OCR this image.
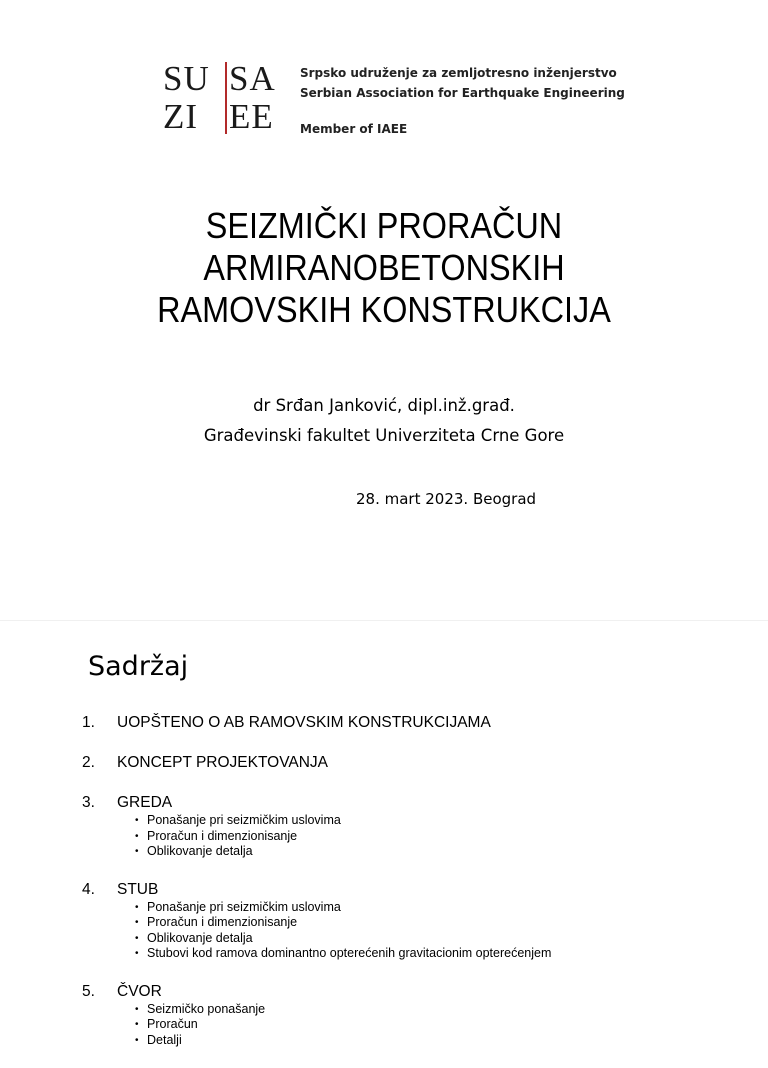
SU SA
ZI EE
Srpsko udruženje za zemljotresno inženjerstvo
Serbian Association for Earthquake Engineering
Member of IAEE
SEIZMIČKI PRORAČUN
ARMIRANOBETONSKIH
RAMOVSKIH KONSTRUKCIJA
dr Srđan Janković, dipl.inž.građ.
Građevinski fakultet Univerziteta Crne Gore
28. mart 2023. Beograd
Sadržaj
1.	UOPŠTENO O AB RAMOVSKIM KONSTRUKCIJAMA
2.	KONCEPT PROJEKTOVANJA
3.	GREDA
• Ponašanje pri seizmičkim uslovima
• Proračun i dimenzionisanje
• Oblikovanje detalja
4.	STUB
• Ponašanje pri seizmičkim uslovima
• Proračun i dimenzionisanje
• Oblikovanje detalja
• Stubovi kod ramova dominantno opterećenih gravitacionim opterećenjem
5.	ČVOR
• Seizmičko ponašanje
• Proračun
• Detalji
